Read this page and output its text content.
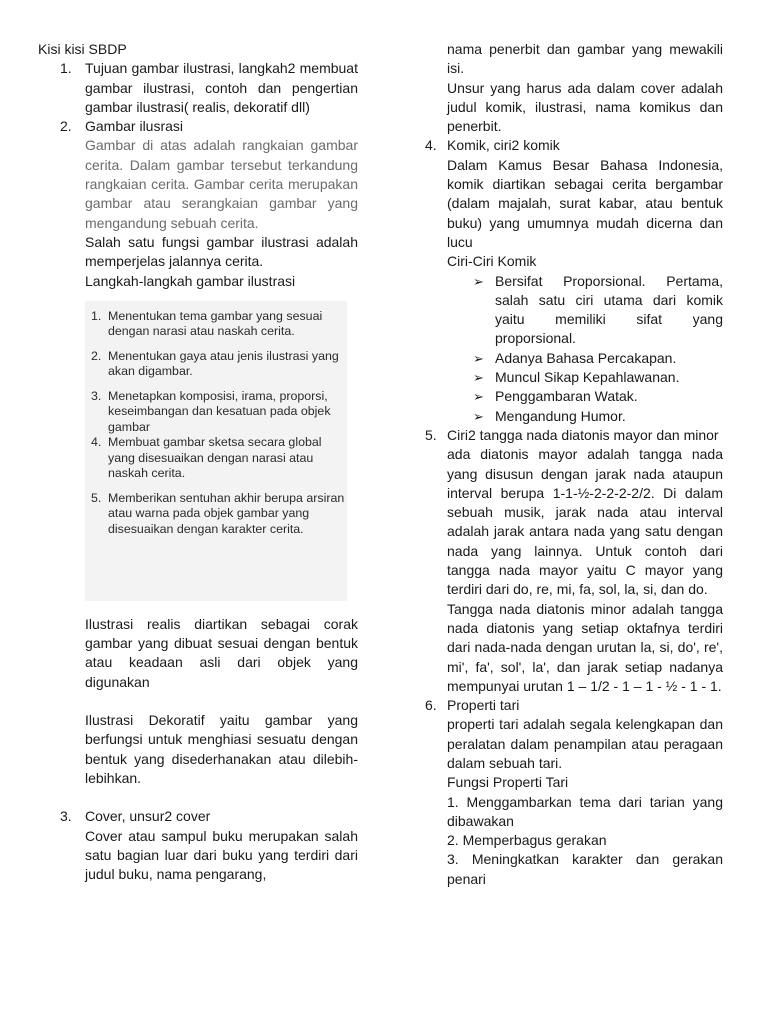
Kisi kisi SBDP

1. Tujuan gambar ilustrasi, langkah2 membuat gambar ilustrasi, contoh dan pengertian gambar ilustrasi( realis, dekoratif dll)

2. Gambar ilusrasi

Gambar di atas adalah rangkaian gambar cerita. Dalam gambar tersebut terkandung rangkaian cerita. Gambar cerita merupakan gambar atau serangkaian gambar yang mengandung sebuah cerita.

Salah satu fungsi gambar ilustrasi adalah memperjelas jalannya cerita.

Langkah-langkah gambar ilustrasi

1. Menentukan tema gambar yang sesuai dengan narasi atau naskah cerita.
2. Menentukan gaya atau jenis ilustrasi yang akan digambar.
3. Menetapkan komposisi, irama, proporsi, keseimbangan dan kesatuan pada objek gambar
4. Membuat gambar sketsa secara global yang disesuaikan dengan narasi atau naskah cerita.
5. Memberikan sentuhan akhir berupa arsiran atau warna pada objek gambar yang disesuaikan dengan karakter cerita.

Ilustrasi realis diartikan sebagai corak gambar yang dibuat sesuai dengan bentuk atau keadaan asli dari objek yang digunakan

Ilustrasi Dekoratif yaitu gambar yang berfungsi untuk menghiasi sesuatu dengan bentuk yang disederhanakan atau dilebih-lebihkan.

3. Cover, unsur2 cover

Cover atau sampul buku merupakan salah satu bagian luar dari buku yang terdiri dari judul buku, nama pengarang,

nama penerbit dan gambar yang mewakili isi.

Unsur yang harus ada dalam cover adalah judul komik, ilustrasi, nama komikus dan penerbit.

4. Komik, ciri2 komik

Dalam Kamus Besar Bahasa Indonesia, komik diartikan sebagai cerita bergambar (dalam majalah, surat kabar, atau bentuk buku) yang umumnya mudah dicerna dan lucu

Ciri-Ciri Komik

➢ Bersifat Proporsional. Pertama, salah satu ciri utama dari komik yaitu memiliki sifat yang proporsional.

➢ Adanya Bahasa Percakapan.

➢ Muncul Sikap Kepahlawanan.

➢ Penggambaran Watak.

➢ Mengandung Humor.

5. Ciri2 tangga nada diatonis mayor dan minor

ada diatonis mayor adalah tangga nada yang disusun dengan jarak nada ataupun interval berupa 1-1-½-2-2-2-2/2. Di dalam sebuah musik, jarak nada atau interval adalah jarak antara nada yang satu dengan nada yang lainnya. Untuk contoh dari tangga nada mayor yaitu C mayor yang terdiri dari do, re, mi, fa, sol, la, si, dan do.

Tangga nada diatonis minor adalah tangga nada diatonis yang setiap oktafnya terdiri dari nada-nada dengan urutan la, si, do', re', mi', fa', sol', la', dan jarak setiap nadanya mempunyai urutan 1 – 1/2 - 1 – 1 - ½ - 1 - 1.

6. Properti tari

properti tari adalah segala kelengkapan dan peralatan dalam penampilan atau peragaan dalam sebuah tari.

Fungsi Properti Tari

1. Menggambarkan tema dari tarian yang dibawakan

2. Memperbagus gerakan

3. Meningkatkan karakter dan gerakan penari
